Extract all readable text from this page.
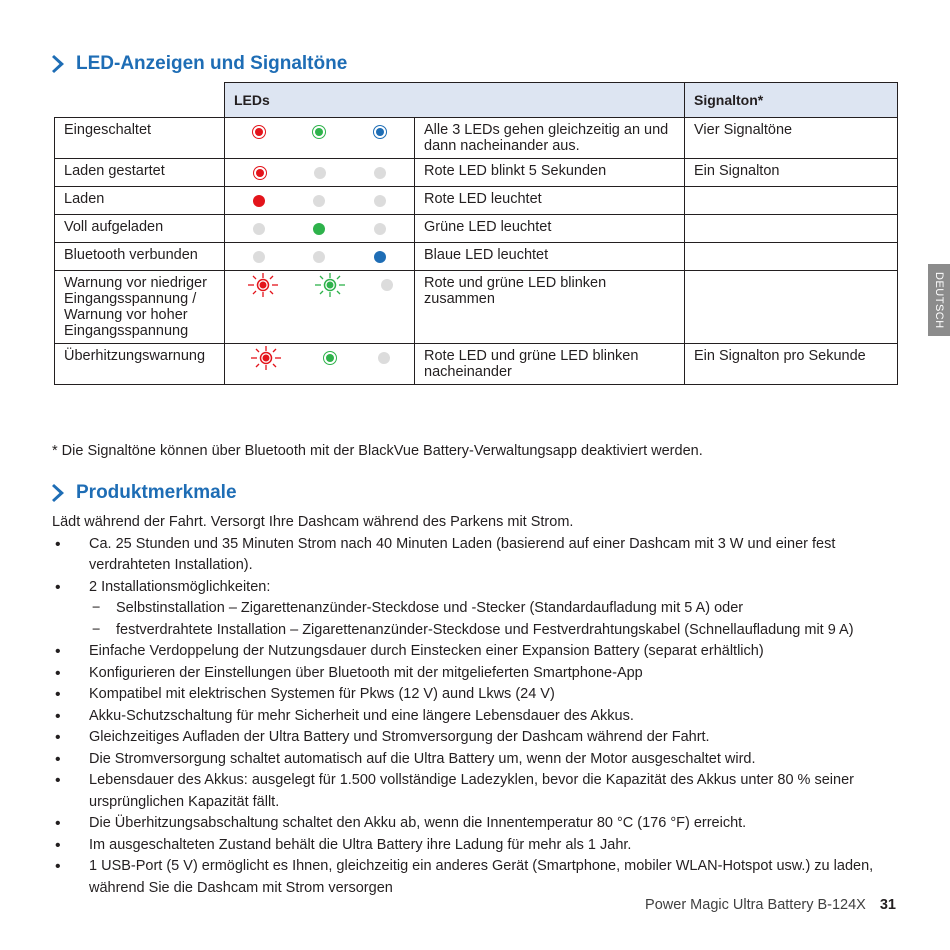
LED-Anzeigen und Signaltöne
	LEDs		Signalton*
Eingeschaltet		Alle 3 LEDs gehen gleichzeitig an und dann nacheinander aus.	Vier Signaltöne
Laden gestartet		Rote LED blinkt 5 Sekunden	Ein Signalton
Laden		Rote LED leuchtet	
Voll aufgeladen		Grüne LED leuchtet	
Bluetooth verbunden		Blaue LED leuchtet	
Warnung vor niedriger Eingangsspannung / Warnung vor hoher Eingangsspannung		Rote und grüne LED blinken zusammen	
Überhitzungswarnung		Rote LED und grüne LED blinken nacheinander	Ein Signalton pro Sekunde
* Die Signaltöne können über Bluetooth mit der BlackVue Battery-Verwaltungsapp deaktiviert werden.
Produktmerkmale
Lädt während der Fahrt. Versorgt Ihre Dashcam während des Parkens mit Strom.
• Ca. 25 Stunden und 35 Minuten Strom nach 40 Minuten Laden (basierend auf einer Dashcam mit 3 W und einer fest verdrahteten Installation).
• 2 Installationsmöglichkeiten:
− Selbstinstallation – Zigarettenanzünder-Steckdose und -Stecker (Standardaufladung mit 5 A) oder
− festverdrahtete Installation – Zigarettenanzünder-Steckdose und Festverdrahtungskabel (Schnellaufladung mit 9 A)
• Einfache Verdoppelung der Nutzungsdauer durch Einstecken einer Expansion Battery (separat erhältlich)
• Konfigurieren der Einstellungen über Bluetooth mit der mitgelieferten Smartphone-App
• Kompatibel mit elektrischen Systemen für Pkws (12 V) aund Lkws (24 V)
• Akku-Schutzschaltung für mehr Sicherheit und eine längere Lebensdauer des Akkus.
• Gleichzeitiges Aufladen der Ultra Battery und Stromversorgung der Dashcam während der Fahrt.
• Die Stromversorgung schaltet automatisch auf die Ultra Battery um, wenn der Motor ausgeschaltet wird.
• Lebensdauer des Akkus: ausgelegt für 1.500 vollständige Ladezyklen, bevor die Kapazität des Akkus unter 80 % seiner ursprünglichen Kapazität fällt.
• Die Überhitzungsabschaltung schaltet den Akku ab, wenn die Innentemperatur 80 °C (176 °F) erreicht.
• Im ausgeschalteten Zustand behält die Ultra Battery ihre Ladung für mehr als 1 Jahr.
• 1 USB-Port (5 V) ermöglicht es Ihnen, gleichzeitig ein anderes Gerät (Smartphone, mobiler WLAN-Hotspot usw.) zu laden, während Sie die Dashcam mit Strom versorgen
DEUTSCH
Power Magic Ultra Battery B-124X 31
